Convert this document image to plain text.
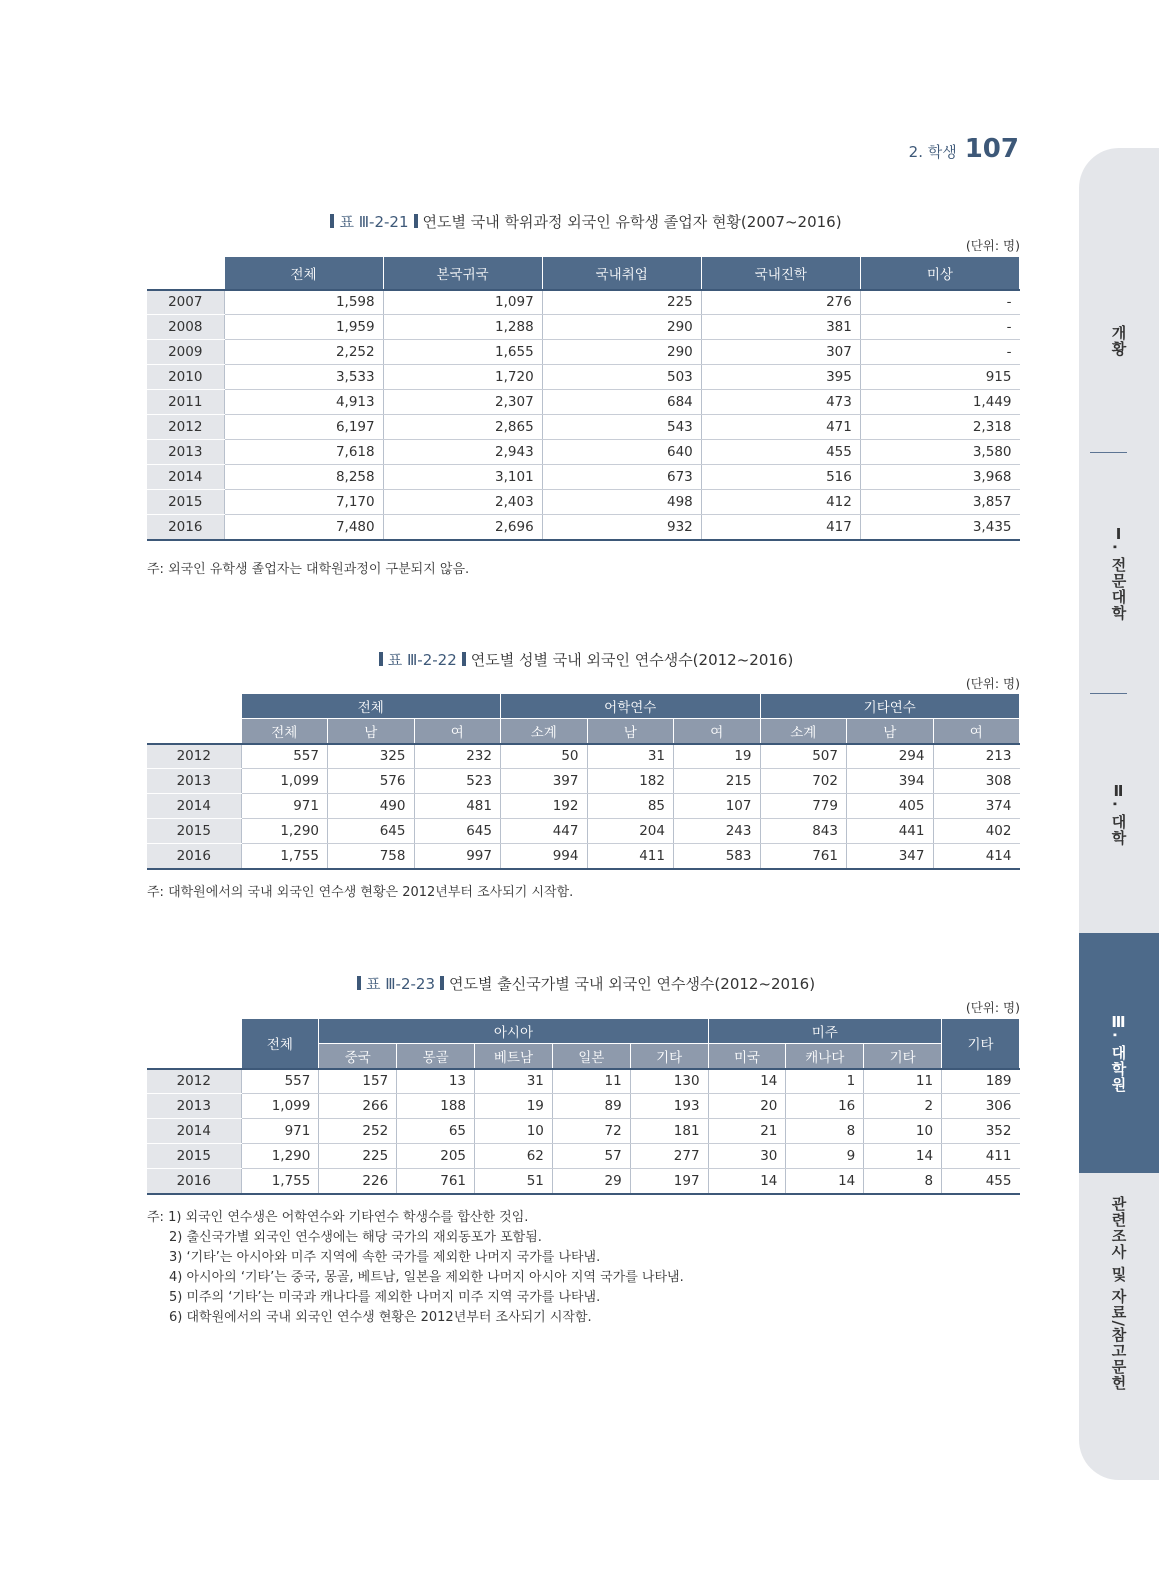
2. 학생 107
개황
Ⅰ. 전문대학
Ⅱ. 대학
Ⅲ. 대학원
관련조사 및 자료/참고문헌
표 Ⅲ-2-21 연도별 국내 학위과정 외국인 유학생 졸업자 현황(2007~2016)
(단위: 명)
	전체	본국귀국	국내취업	국내진학	미상
2007	1,598	1,097	225	276	-
2008	1,959	1,288	290	381	-
2009	2,252	1,655	290	307	-
2010	3,533	1,720	503	395	915
2011	4,913	2,307	684	473	1,449
2012	6,197	2,865	543	471	2,318
2013	7,618	2,943	640	455	3,580
2014	8,258	3,101	673	516	3,968
2015	7,170	2,403	498	412	3,857
2016	7,480	2,696	932	417	3,435
주: 외국인 유학생 졸업자는 대학원과정이 구분되지 않음.
표 Ⅲ-2-22 연도별 성별 국내 외국인 연수생수(2012~2016)
(단위: 명)
	전체			어학연수			기타연수		
	전체	남	여	소계	남	여	소계	남	여
2012	557	325	232	50	31	19	507	294	213
2013	1,099	576	523	397	182	215	702	394	308
2014	971	490	481	192	85	107	779	405	374
2015	1,290	645	645	447	204	243	843	441	402
2016	1,755	758	997	994	411	583	761	347	414
주: 대학원에서의 국내 외국인 연수생 현황은 2012년부터 조사되기 시작함.
표 Ⅲ-2-23 연도별 출신국가별 국내 외국인 연수생수(2012~2016)
(단위: 명)
	전체	아시아					미주			기타
		중국	몽골	베트남	일본	기타	미국	캐나다	기타	
2012	557	157	13	31	11	130	14	1	11	189
2013	1,099	266	188	19	89	193	20	16	2	306
2014	971	252	65	10	72	181	21	8	10	352
2015	1,290	225	205	62	57	277	30	9	14	411
2016	1,755	226	761	51	29	197	14	14	8	455
주: 1) 외국인 연수생은 어학연수와 기타연수 학생수를 합산한 것임.
2) 출신국가별 외국인 연수생에는 해당 국가의 재외동포가 포함됨.
3) ‘기타’는 아시아와 미주 지역에 속한 국가를 제외한 나머지 국가를 나타냄.
4) 아시아의 ‘기타’는 중국, 몽골, 베트남, 일본을 제외한 나머지 아시아 지역 국가를 나타냄.
5) 미주의 ‘기타’는 미국과 캐나다를 제외한 나머지 미주 지역 국가를 나타냄.
6) 대학원에서의 국내 외국인 연수생 현황은 2012년부터 조사되기 시작함.
